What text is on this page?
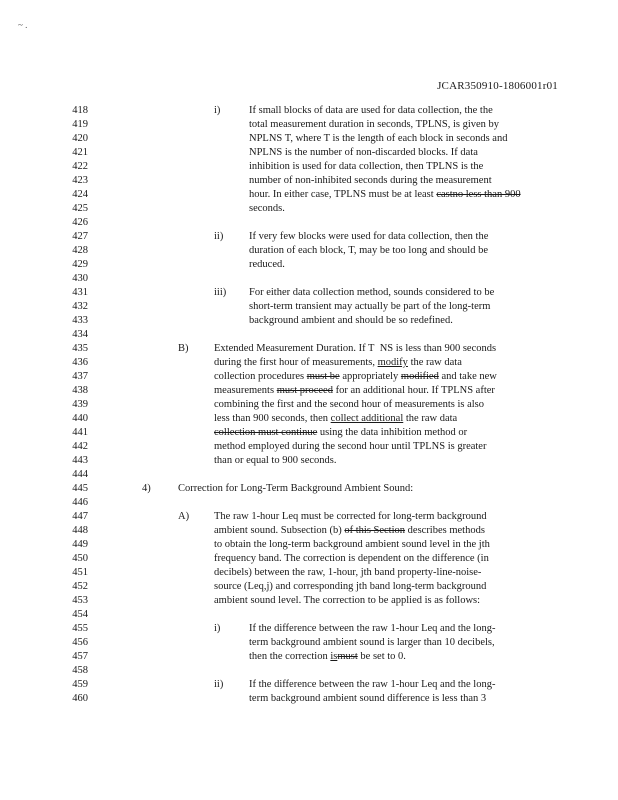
~ .
JCAR350910-1806001r01
418
419
420
421
422
423
424
425
426
427
428
429
430
431
432
433
434
435
436
437
438
439
440
441
442
443
444
445
446
447
448
449
450
451
452
453
454
455
456
457
458
459
460
i)	If small blocks of data are used for data collection, the the
total measurement duration in seconds, TPLNS, is given by
NPLNS T, where T is the length of each block in seconds and
NPLNS is the number of non-discarded blocks. If data
inhibition is used for data collection, then TPLNS is the
number of non-inhibited seconds during the measurement
hour. In either case, TPLNS must be at least castno less than 900
seconds.
ii) If very few blocks were used for data collection, then the
duration of each block, T, may be too long and should be
reduced.
iii) For either data collection method, sounds considered to be
short-term transient may actually be part of the long-term
background ambient and should be so redefined.
B) Extended Measurement Duration. If T NS is less than 900 seconds
during the first hour of measurements, modify the raw data
collection procedures must be appropriately modified and take new
measurements must proceed for an additional hour. If TPLNS after
combining the first and the second hour of measurements is also
less than 900 seconds, then collect additional the raw data
collection must continue using the data inhibition method or
method employed during the second hour until TPLNS is greater
than or equal to 900 seconds.
4)	Correction for Long-Term Background Ambient Sound:
A) The raw 1-hour Leq must be corrected for long-term background
ambient sound. Subsection (b) of this Section describes methods
to obtain the long-term background ambient sound level in the jth
frequency band. The correction is dependent on the difference (in
decibels) between the raw, 1-hour, jth band property-line-noise-
source (Leq,j) and corresponding jth band long-term background
ambient sound level. The correction to be applied is as follows:
i)	If the difference between the raw 1-hour Leq and the long-
term background ambient sound is larger than 10 decibels,
then the correction ismust be set to 0.
ii) If the difference between the raw 1-hour Leq and the long-
term background ambient sound difference is less than 3
